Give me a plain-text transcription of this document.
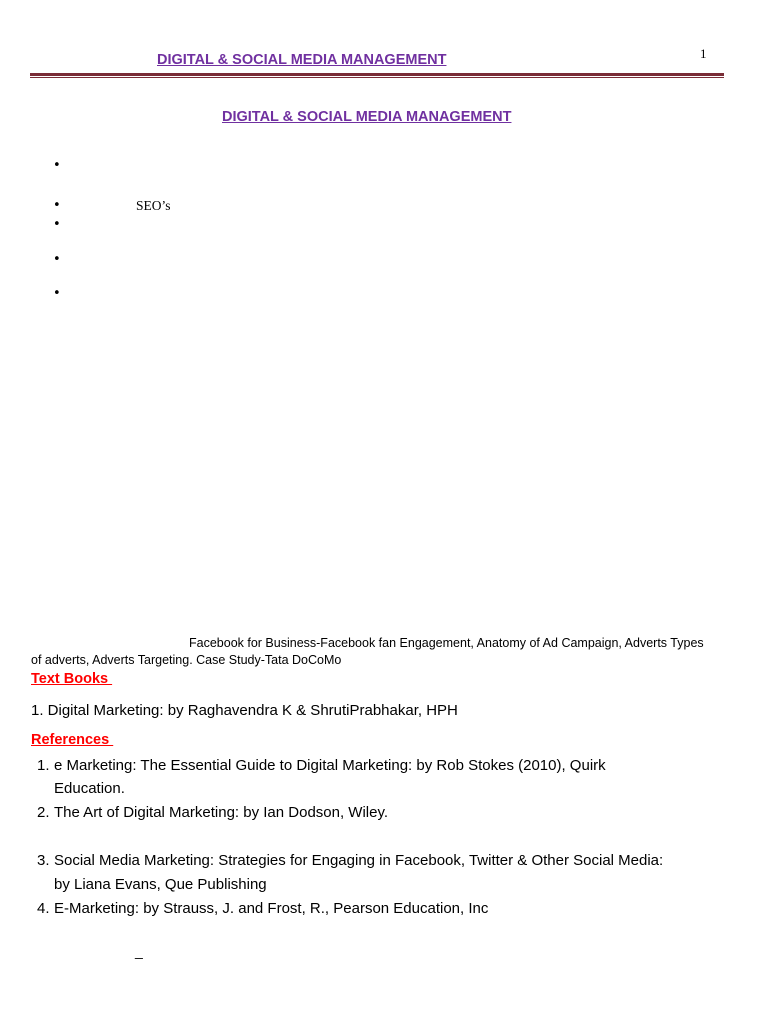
DIGITAL & SOCIAL MEDIA MANAGEMENT	1
DIGITAL & SOCIAL MEDIA MANAGEMENT
•
•	SEO’s
•
•
•
Facebook for Business-Facebook fan Engagement, Anatomy of Ad Campaign, Adverts Types
of adverts, Adverts Targeting. Case Study-Tata DoCoMo
Text Books
1. Digital Marketing: by Raghavendra K & ShrutiPrabhakar, HPH
References
1. e Marketing: The Essential Guide to Digital Marketing: by Rob Stokes (2010), Quirk
Education.
2. The Art of Digital Marketing: by Ian Dodson, Wiley.
3. Social Media Marketing: Strategies for Engaging in Facebook, Twitter & Other Social Media:
by Liana Evans, Que Publishing
4. E-Marketing: by Strauss, J. and Frost, R., Pearson Education, Inc
_
